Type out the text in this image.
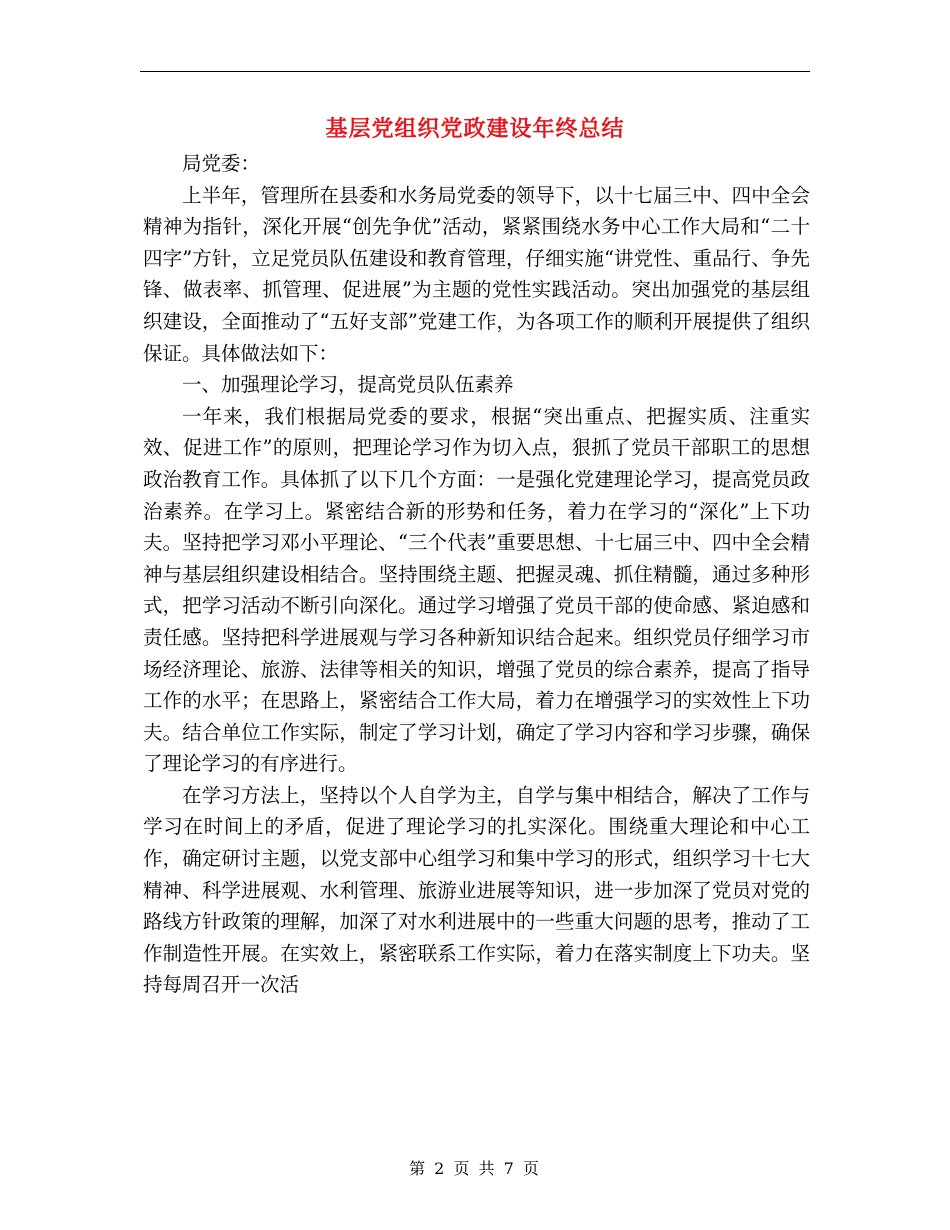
基层党组织党政建设年终总结

局党委：

上半年，管理所在县委和水务局党委的领导下，以十七届三中、四中全会精神为指针，深化开展“创先争优”活动，紧紧围绕水务中心工作大局和“二十四字”方针，立足党员队伍建设和教育管理，仔细实施“讲党性、重品行、争先锋、做表率、抓管理、促进展”为主题的党性实践活动。突出加强党的基层组织建设，全面推动了“五好支部”党建工作，为各项工作的顺利开展提供了组织保证。具体做法如下：

一、加强理论学习，提高党员队伍素养

一年来，我们根据局党委的要求，根据“突出重点、把握实质、注重实效、促进工作”的原则，把理论学习作为切入点，狠抓了党员干部职工的思想政治教育工作。具体抓了以下几个方面：一是强化党建理论学习，提高党员政治素养。在学习上。紧密结合新的形势和任务，着力在学习的“深化”上下功夫。坚持把学习邓小平理论、“三个代表”重要思想、十七届三中、四中全会精神与基层组织建设相结合。坚持围绕主题、把握灵魂、抓住精髓，通过多种形式，把学习活动不断引向深化。通过学习增强了党员干部的使命感、紧迫感和责任感。坚持把科学进展观与学习各种新知识结合起来。组织党员仔细学习市场经济理论、旅游、法律等相关的知识，增强了党员的综合素养，提高了指导工作的水平；在思路上，紧密结合工作大局，着力在增强学习的实效性上下功夫。结合单位工作实际，制定了学习计划，确定了学习内容和学习步骤，确保了理论学习的有序进行。

在学习方法上，坚持以个人自学为主，自学与集中相结合，解决了工作与学习在时间上的矛盾，促进了理论学习的扎实深化。围绕重大理论和中心工作，确定研讨主题，以党支部中心组学习和集中学习的形式，组织学习十七大精神、科学进展观、水利管理、旅游业进展等知识，进一步加深了党员对党的路线方针政策的理解，加深了对水利进展中的一些重大问题的思考，推动了工作制造性开展。在实效上，紧密联系工作实际，着力在落实制度上下功夫。坚持每周召开一次活

第 2 页 共 7 页
